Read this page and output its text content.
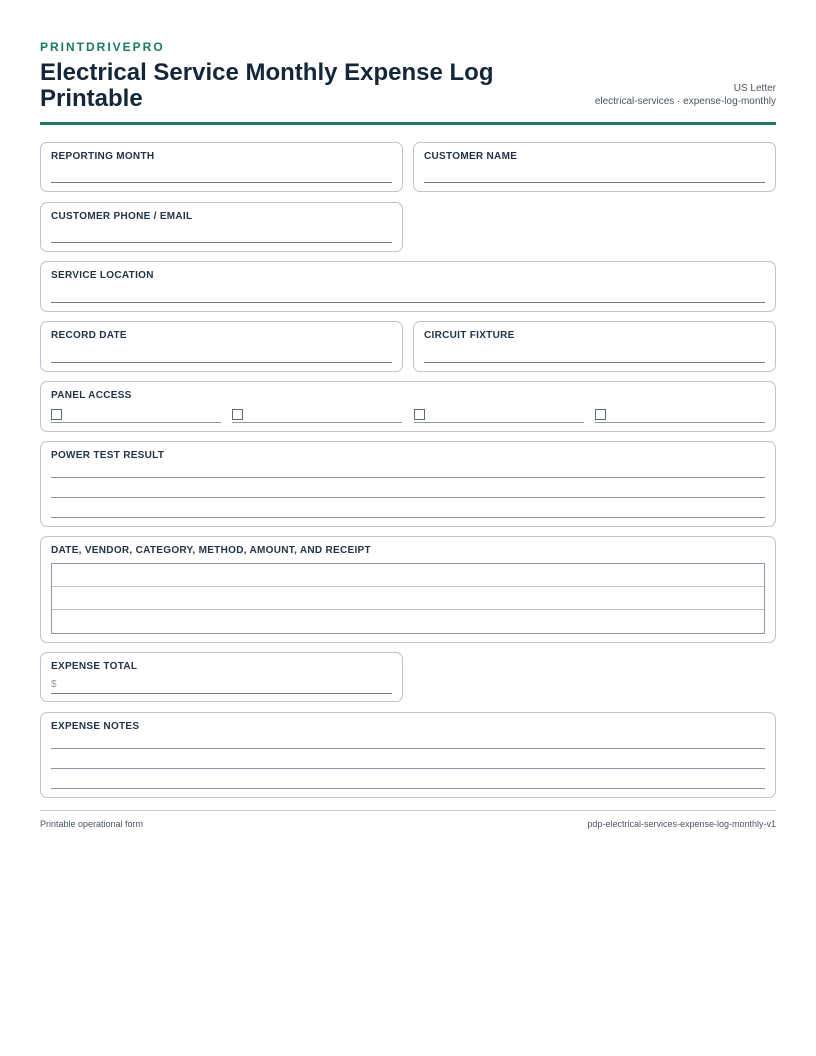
PRINTDRIVEPRO
Electrical Service Monthly Expense Log Printable	US Letter
electrical-services · expense-log-monthly
REPORTING MONTH	CUSTOMER NAME
CUSTOMER PHONE / EMAIL
SERVICE LOCATION
RECORD DATE	CIRCUIT FIXTURE
PANEL ACCESS
POWER TEST RESULT
DATE, VENDOR, CATEGORY, METHOD, AMOUNT, AND RECEIPT
EXPENSE TOTAL
$
EXPENSE NOTES
Printable operational form	pdp-electrical-services-expense-log-monthly-v1
